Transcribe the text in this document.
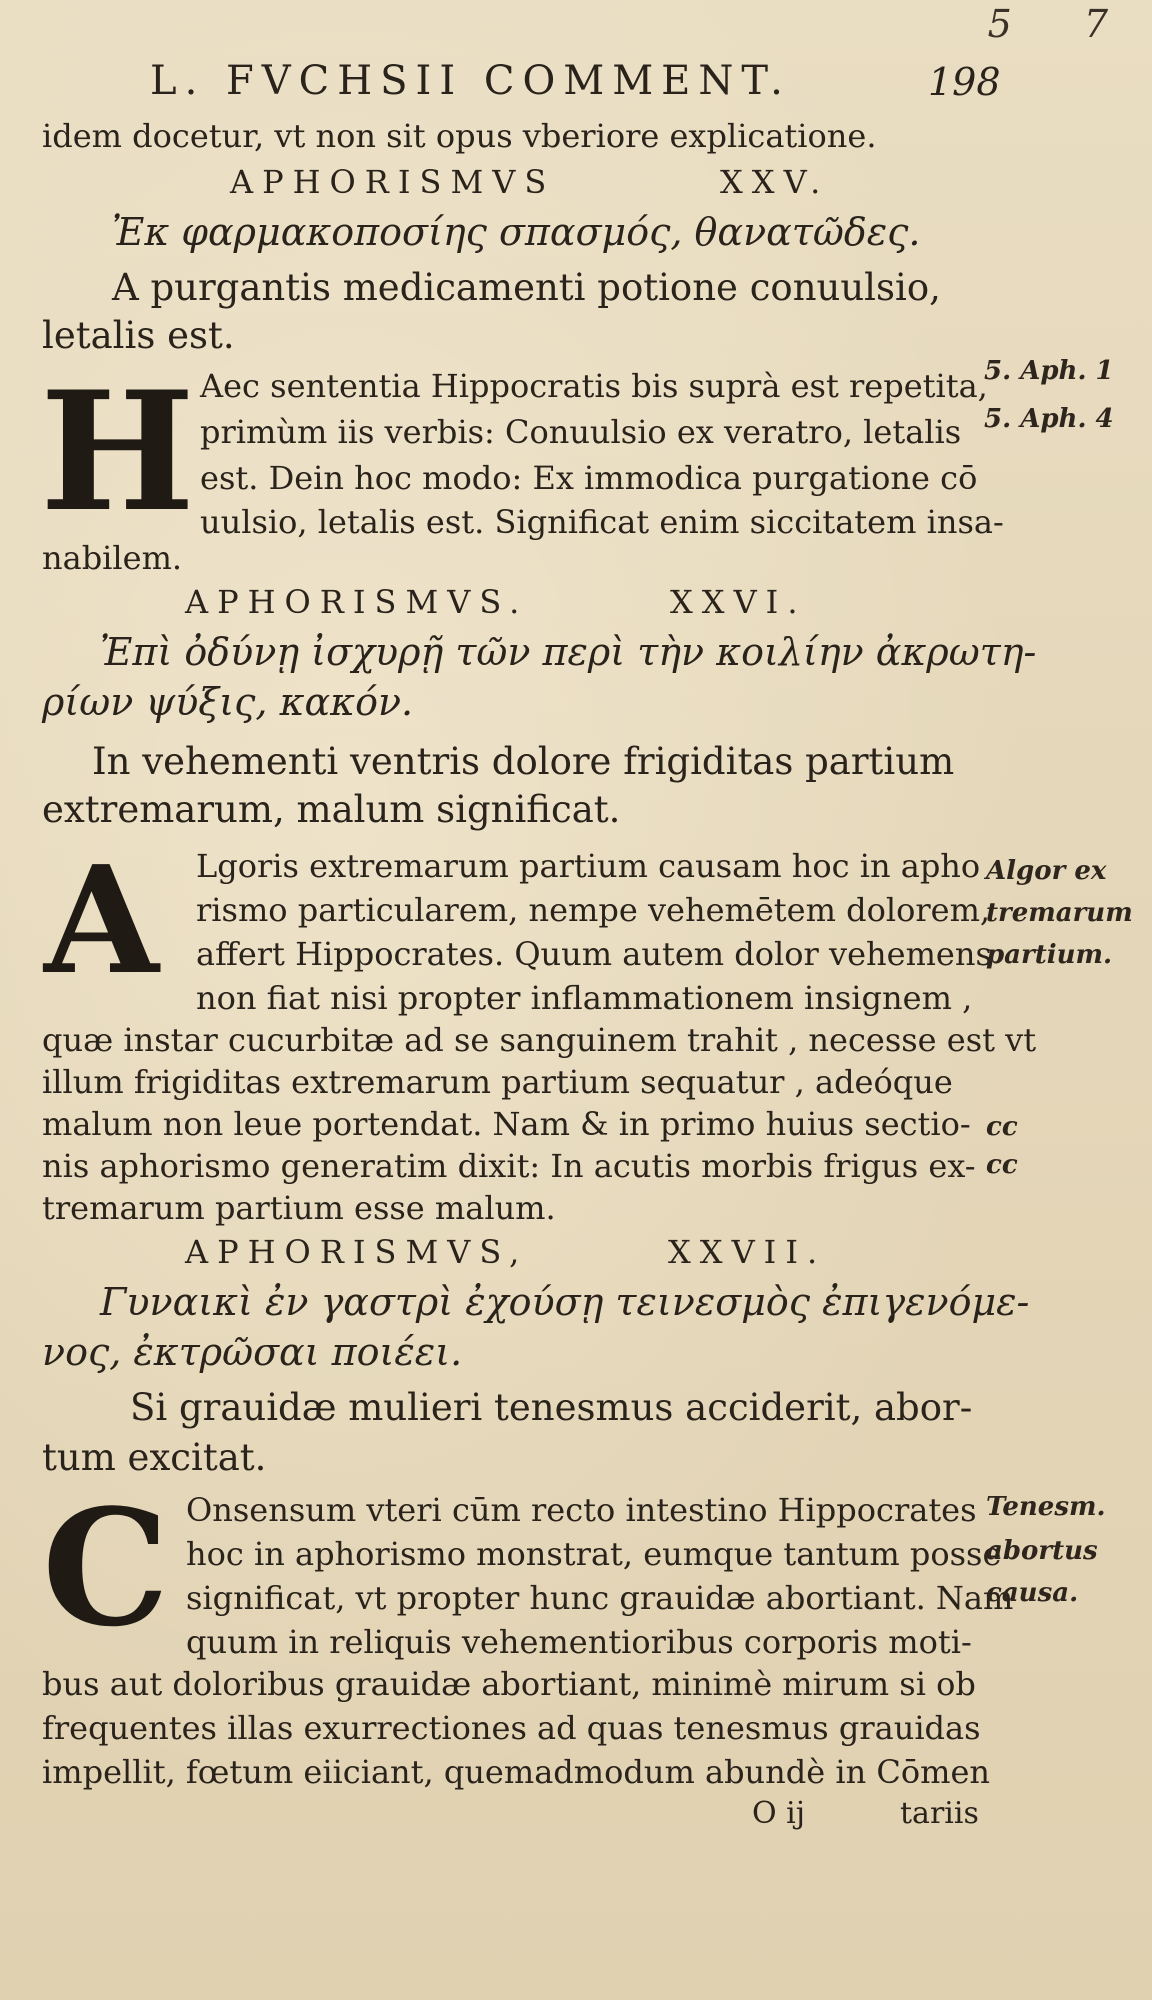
5 7
L. FVCHSII COMMENT.	198
idem docetur, vt non sit opus vberiore explicatione.
APHORISMVS	XXV.
Ἐκ φαρμακοποσίης σπασμός, θανατῶδες.
A purgantis medicamenti potione conuulsio,
letalis est.
H Aec sententia Hippocratis bis suprà est repetita,
primùm iis verbis: Conuulsio ex veratro, letalis
est. Dein hoc modo: Ex immodica purgatione cō
uulsio, letalis est. Significat enim siccitatem insa-
nabilem.
APHORISMVS.	XXVI.
Ἐπὶ ὀδύνῃ ἰσχυρῇ τῶν περὶ τὴν κοιλίην ἀκρωτη-
ρίων ψύξις, κακόν.
In vehementi ventris dolore frigiditas partium
extremarum, malum significat.
A Lgoris extremarum partium causam hoc in apho
rismo particularem, nempe vehemētem dolorem,
affert Hippocrates. Quum autem dolor vehemens
non fiat nisi propter inflammationem insignem ,
quæ instar cucurbitæ ad se sanguinem trahit , necesse est vt
illum frigiditas extremarum partium sequatur , adeóque
malum non leue portendat. Nam & in primo huius sectio-
nis aphorismo generatim dixit: In acutis morbis frigus ex-
tremarum partium esse malum.
APHORISMVS,	XXVII.
Γυναικὶ ἐν γαστρὶ ἐχούσῃ τεινεσμὸς ἐπιγενόμε-
νος, ἐκτρῶσαι ποιέει.
Si grauidæ mulieri tenesmus acciderit, abor-
tum excitat.
C Onsensum vteri cūm recto intestino Hippocrates
hoc in aphorismo monstrat, eumque tantum posse
significat, vt propter hunc grauidæ abortiant. Nam
quum in reliquis vehementioribus corporis moti-
bus aut doloribus grauidæ abortiant, minimè mirum si ob
frequentes illas exurrectiones ad quas tenesmus grauidas
impellit, fœtum eiiciant, quemadmodum abundè in Cōmen
O ij	tariis
5. Aph. 1
5. Aph. 4
Algor ex
tremarum
partium.
cc
cc
Tenesm.
abortus
causa.
